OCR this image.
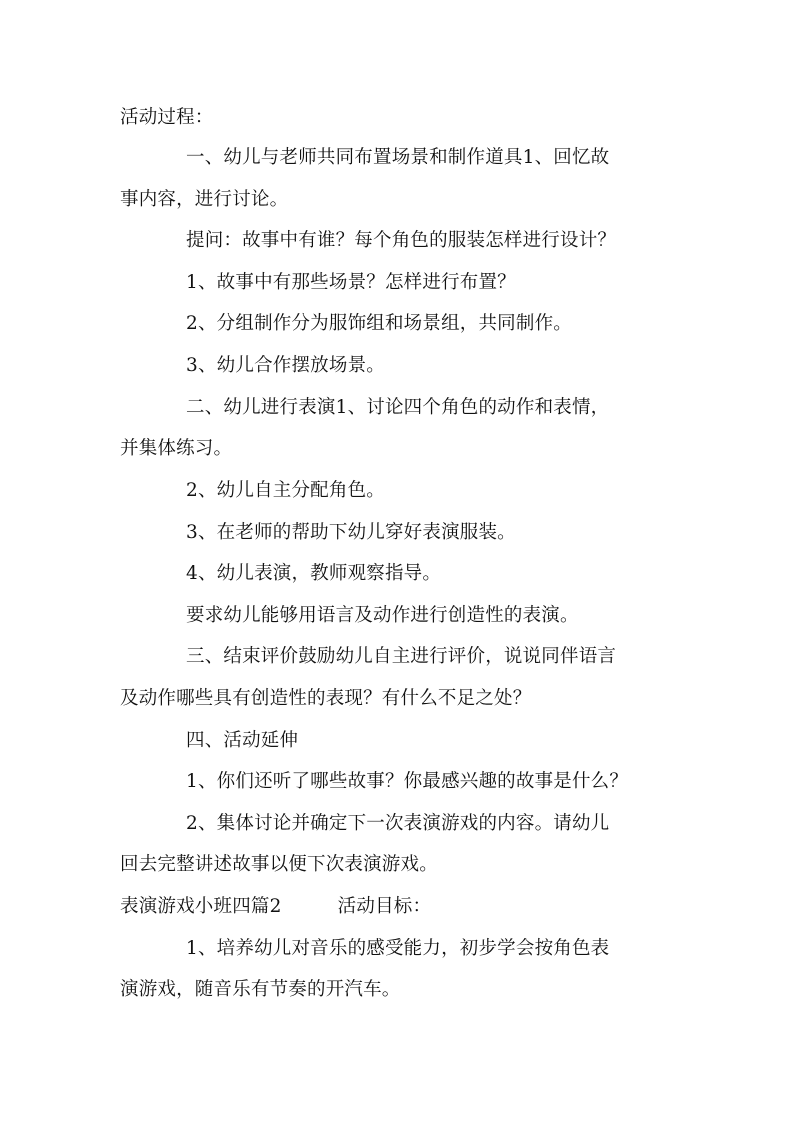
活动过程：
一、幼儿与老师共同布置场景和制作道具1、回忆故
事内容，进行讨论。
提问：故事中有谁？每个角色的服装怎样进行设计？
1、故事中有那些场景？怎样进行布置？
2、分组制作分为服饰组和场景组，共同制作。
3、幼儿合作摆放场景。
二、幼儿进行表演1、讨论四个角色的动作和表情，
并集体练习。
2、幼儿自主分配角色。
3、在老师的帮助下幼儿穿好表演服装。
4、幼儿表演，教师观察指导。
要求幼儿能够用语言及动作进行创造性的表演。
三、结束评价鼓励幼儿自主进行评价，说说同伴语言
及动作哪些具有创造性的表现？有什么不足之处？
四、活动延伸
1、你们还听了哪些故事？你最感兴趣的故事是什么？
2、集体讨论并确定下一次表演游戏的内容。请幼儿
回去完整讲述故事以便下次表演游戏。
表演游戏小班四篇2　　　活动目标：
1、培养幼儿对音乐的感受能力，初步学会按角色表
演游戏，随音乐有节奏的开汽车。
